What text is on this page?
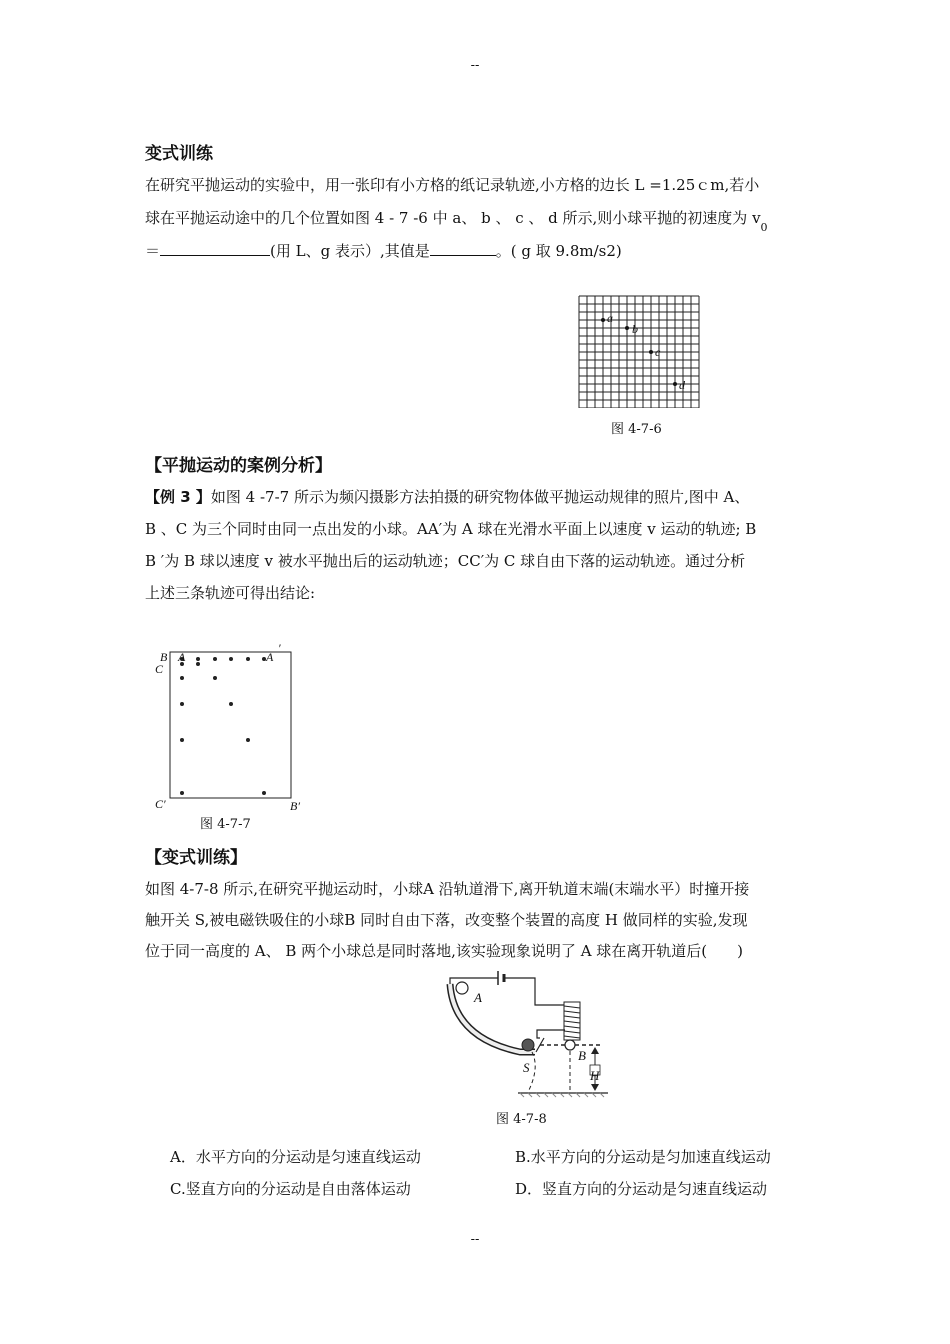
--
变式训练
在研究平抛运动的实验中，用一张印有小方格的纸记录轨迹,小方格的边长 L =1.25ｃm,若小
球在平抛运动途中的几个位置如图 4 - 7 -6 中 a、 b 、 c 、 d 所示,则小球平抛的初速度为 $v_0$
＝	(用 L、g 表示）,其值是	。( g 取 9.8m/s2)
a
b
c
d
图 4-7-6
【平抛运动的案例分析】
【例 3 】如图 4 -7-7 所示为频闪摄影方法拍摄的研究物体做平抛运动规律的照片,图中 A、
B 、C 为三个同时由同一点出发的小球。AA′为 A 球在光滑水平面上以速度 v 运动的轨迹; B
B ′为 B 球以速度 v 被水平抛出后的运动轨迹；CC′为 C 球自由下落的运动轨迹。通过分析
上述三条轨迹可得出结论:
B A
C
A
′
C′	B′
图 4-7-7
【变式训练】
如图 4-7-8 所示,在研究平抛运动时，小球A 沿轨道滑下,离开轨道末端(末端水平）时撞开接
触开关 S,被电磁铁吸住的小球B 同时自由下落，改变整个装置的高度 H 做同样的实验,发现
位于同一高度的 A、 B 两个小球总是同时落地,该实验现象说明了 A 球在离开轨道后(　　)
A
S
B
H
图 4-7-8
A．水平方向的分运动是匀速直线运动	B.水平方向的分运动是匀加速直线运动
C.竖直方向的分运动是自由落体运动	D．竖直方向的分运动是匀速直线运动
--
